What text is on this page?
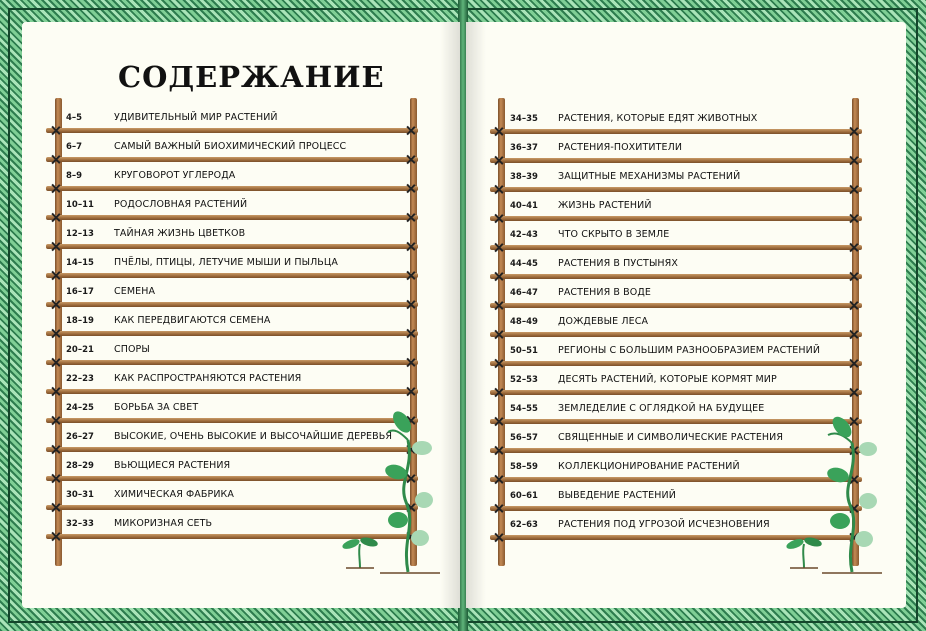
СОДЕРЖАНИЕ
4–5	УДИВИТЕЛЬНЫЙ МИР РАСТЕНИЙ
6–7	САМЫЙ ВАЖНЫЙ БИОХИМИЧЕСКИЙ ПРОЦЕСС
8–9	КРУГОВОРОТ УГЛЕРОДА
10–11 РОДОСЛОВНАЯ РАСТЕНИЙ
12–13 ТАЙНАЯ ЖИЗНЬ ЦВЕТКОВ
14–15 ПЧЁЛЫ, ПТИЦЫ, ЛЕТУЧИЕ МЫШИ И ПЫЛЬЦА
16–17 СЕМЕНА
18–19 КАК ПЕРЕДВИГАЮТСЯ СЕМЕНА
20–21 СПОРЫ
22–23 КАК РАСПРОСТРАНЯЮТСЯ РАСТЕНИЯ
24–25 БОРЬБА ЗА СВЕТ
26–27 ВЫСОКИЕ, ОЧЕНЬ ВЫСОКИЕ И ВЫСОЧАЙШИЕ ДЕРЕВЬЯ
28–29 ВЬЮЩИЕСЯ РАСТЕНИЯ
30–31 ХИМИЧЕСКАЯ ФАБРИКА
32–33 МИКОРИЗНАЯ СЕТЬ
34–35 РАСТЕНИЯ, КОТОРЫЕ ЕДЯТ ЖИВОТНЫХ
36–37 РАСТЕНИЯ-ПОХИТИТЕЛИ
38–39 ЗАЩИТНЫЕ МЕХАНИЗМЫ РАСТЕНИЙ
40–41 ЖИЗНЬ РАСТЕНИЙ
42–43 ЧТО СКРЫТО В ЗЕМЛЕ
44–45 РАСТЕНИЯ В ПУСТЫНЯХ
46–47 РАСТЕНИЯ В ВОДЕ
48–49 ДОЖДЕВЫЕ ЛЕСА
50–51 РЕГИОНЫ С БОЛЬШИМ РАЗНООБРАЗИЕМ РАСТЕНИЙ
52–53 ДЕСЯТЬ РАСТЕНИЙ, КОТОРЫЕ КОРМЯТ МИР
54–55 ЗЕМЛЕДЕЛИЕ С ОГЛЯДКОЙ НА БУДУЩЕЕ
56–57 СВЯЩЕННЫЕ И СИМВОЛИЧЕСКИЕ РАСТЕНИЯ
58–59 КОЛЛЕКЦИОНИРОВАНИЕ РАСТЕНИЙ
60–61 ВЫВЕДЕНИЕ РАСТЕНИЙ
62–63 РАСТЕНИЯ ПОД УГРОЗОЙ ИСЧЕЗНОВЕНИЯ
